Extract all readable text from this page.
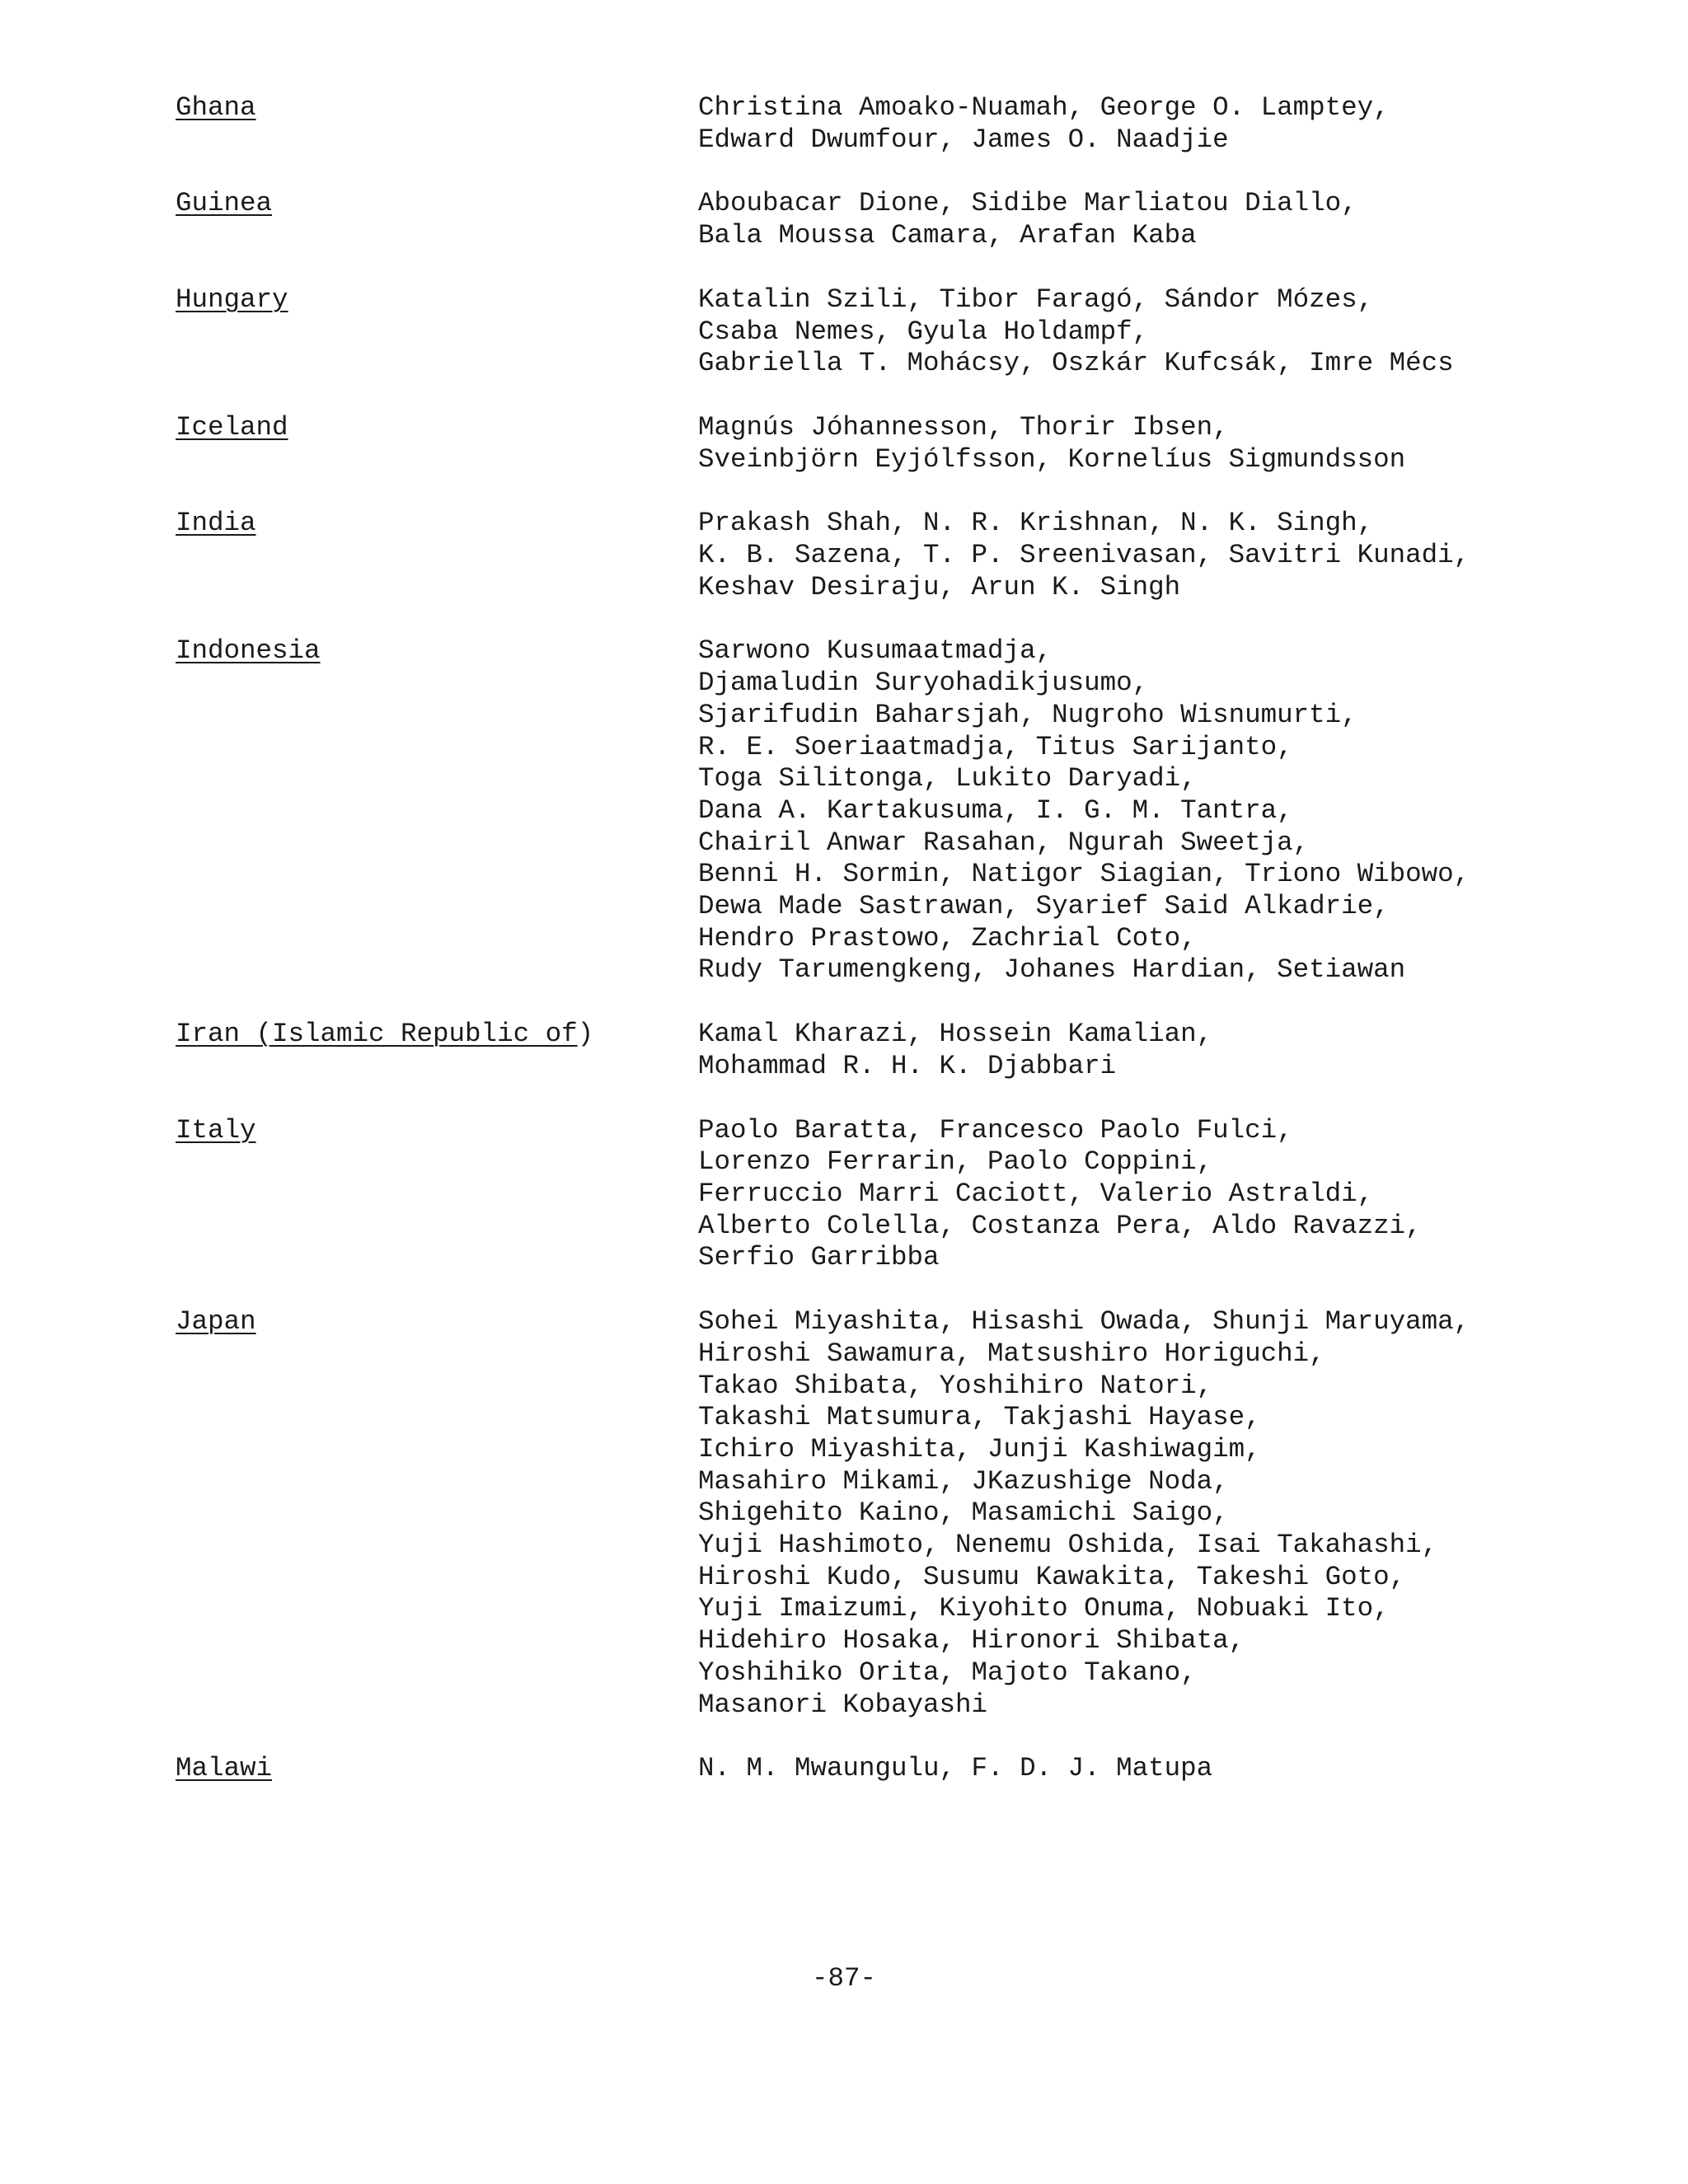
Ghana	Christina Amoako-Nuamah, George O. Lamptey,
Edward Dwumfour, James O. Naadjie
Guinea	Aboubacar Dione, Sidibe Marliatou Diallo,
Bala Moussa Camara, Arafan Kaba
Hungary	Katalin Szili, Tibor Faragó, Sándor Mózes,
Csaba Nemes, Gyula Holdampf,
Gabriella T. Mohácsy, Oszkár Kufcsák, Imre Mécs
Iceland	Magnús Jóhannesson, Thorir Ibsen,
Sveinbjörn Eyjólfsson, Kornelíus Sigmundsson
India	Prakash Shah, N. R. Krishnan, N. K. Singh,
K. B. Sazena, T. P. Sreenivasan, Savitri Kunadi,
Keshav Desiraju, Arun K. Singh
Indonesia	Sarwono Kusumaatmadja,
Djamaludin Suryohadikjusumo,
Sjarifudin Baharsjah, Nugroho Wisnumurti,
R. E. Soeriaatmadja, Titus Sarijanto,
Toga Silitonga, Lukito Daryadi,
Dana A. Kartakusuma, I. G. M. Tantra,
Chairil Anwar Rasahan, Ngurah Sweetja,
Benni H. Sormin, Natigor Siagian, Triono Wibowo,
Dewa Made Sastrawan, Syarief Said Alkadrie,
Hendro Prastowo, Zachrial Coto,
Rudy Tarumengkeng, Johanes Hardian, Setiawan
Iran (Islamic Republic of)	Kamal Kharazi, Hossein Kamalian,
Mohammad R. H. K. Djabbari
Italy	Paolo Baratta, Francesco Paolo Fulci,
Lorenzo Ferrarin, Paolo Coppini,
Ferruccio Marri Caciott, Valerio Astraldi,
Alberto Colella, Costanza Pera, Aldo Ravazzi,
Serfio Garribba
Japan	Sohei Miyashita, Hisashi Owada, Shunji Maruyama,
Hiroshi Sawamura, Matsushiro Horiguchi,
Takao Shibata, Yoshihiro Natori,
Takashi Matsumura, Takjashi Hayase,
Ichiro Miyashita, Junji Kashiwagim,
Masahiro Mikami, JKazushige Noda,
Shigehito Kaino, Masamichi Saigo,
Yuji Hashimoto, Nenemu Oshida, Isai Takahashi,
Hiroshi Kudo, Susumu Kawakita, Takeshi Goto,
Yuji Imaizumi, Kiyohito Onuma, Nobuaki Ito,
Hidehiro Hosaka, Hironori Shibata,
Yoshihiko Orita, Majoto Takano,
Masanori Kobayashi
Malawi	N. M. Mwaungulu, F. D. J. Matupa
-87-
